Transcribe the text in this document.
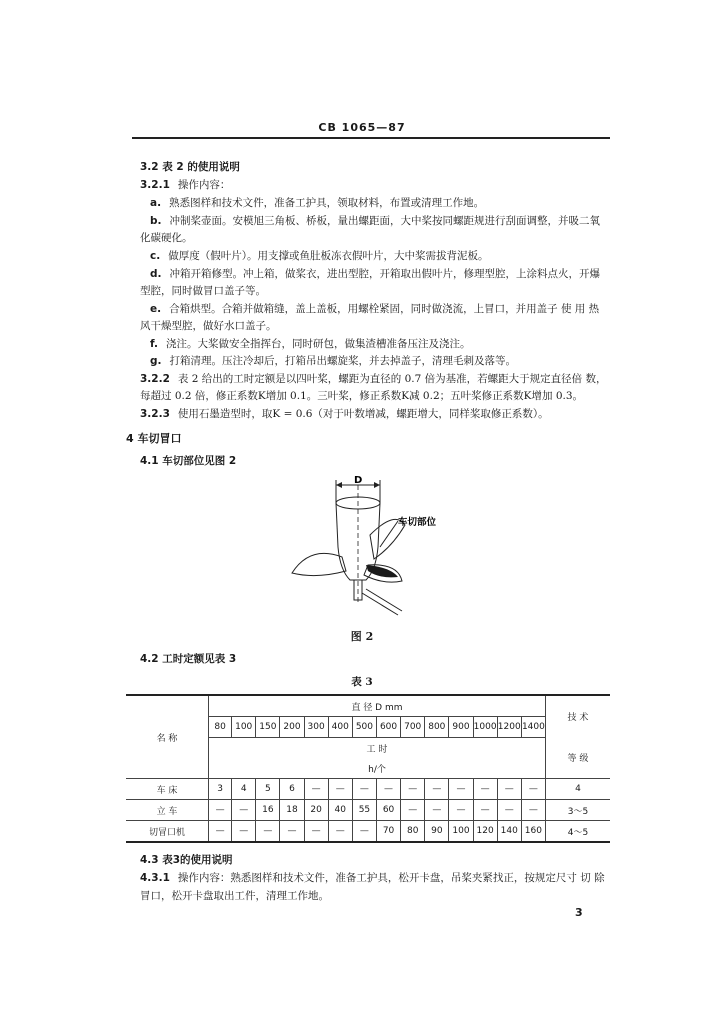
CB 1065—87
3.2 表 2 的使用说明
3.2.1 操作内容：
a. 熟悉图样和技术文件，准备工护具，领取材料，布置或清理工作地。
b. 冲制桨壶面。安模旭三角板、桥板，量出螺距面，大中桨按同螺距规进行刮面调整，并吸二氧
化碳硬化。
c. 做厚度（假叶片）。用支撑或鱼肚板冻衣假叶片，大中桨需拔背泥板。
d. 冲箱开箱修型。冲上箱，做桨衣，进出型腔，开箱取出假叶片，修理型腔，上涂料点火，开爆
型腔，同时做冒口盖子等。
e. 合箱烘型。合箱并做箱缝，盖上盖板，用螺栓紧固，同时做浇流，上冒口，并用盖子 使 用 热
风干燥型腔，做好水口盖子。
f. 浇注。大桨做安全指挥台，同时研包，做集渣槽准备压注及浇注。
g. 打箱清理。压注冷却后，打箱吊出螺旋桨，并去掉盖子，清理毛刺及落等。
3.2.2 表 2 给出的工时定额是以四叶桨，螺距为直径的 0.7 倍为基准，若螺距大于规定直径倍 数，
每超过 0.2 倍，修正系数K增加 0.1。三叶桨，修正系数K减 0.2；五叶桨修正系数K增加 0.3。
3.2.3 使用石墨造型时，取K = 0.6（对于叶数增减，螺距增大，同样桨取修正系数）。
4 车切冒口
4.1 车切部位见图 2
D
车切部位
图 2
4.2 工时定额见表 3
表 3
名 称	直 径 D mm														技 术
	80	100	150	200	300	400	500	600	700	800	900	1000	1200	1400	
	工 时														等 级
	h/个														
车 床	3	4	5	6	—	—	—	—	—	—	—	—	—	—	4
立 车	—	—	16	18	20	40	55	60	—	—	—	—	—	—	3～5
切冒口机	—	—	—	—	—	—	—	70	80	90	100	120	140	160	4～5
4.3 表3的使用说明
4.3.1 操作内容：熟悉图样和技术文件，准备工护具，松开卡盘，吊桨夹紧找正，按规定尺寸 切 除
冒口，松开卡盘取出工件，清理工作地。
3
